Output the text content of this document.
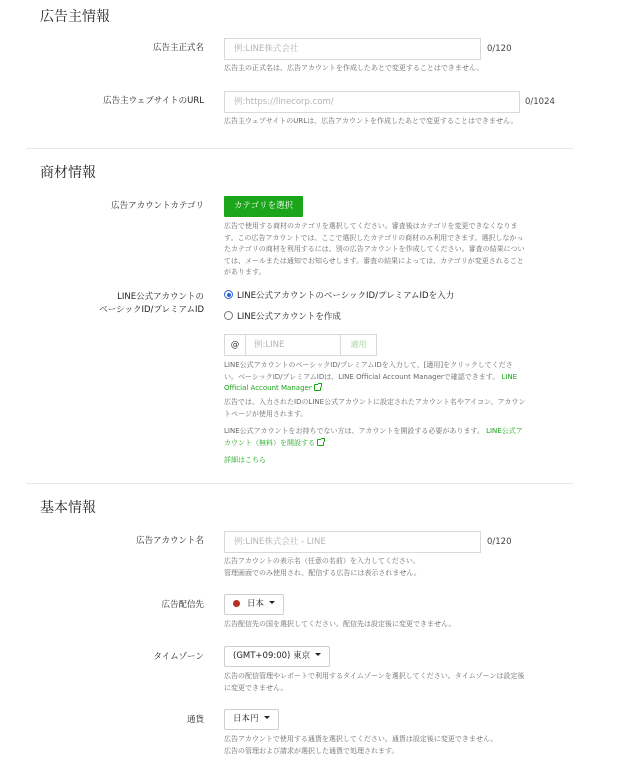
広告主情報
広告主正式名	例:LINE株式会社	0/120
広告主の正式名は、広告アカウントを作成したあとで変更することはできません。
広告主ウェブサイトのURL	例:https://linecorp.com/	0/1024
広告主ウェブサイトのURLは、広告アカウントを作成したあとで変更することはできません。
商材情報
広告アカウントカテゴリ	カテゴリを選択
広告で使用する商材のカテゴリを選択してください。審査後はカテゴリを変更できなくなります。この広告アカウントでは、ここで選択したカテゴリの商材のみ利用できます。選択しなかったカテゴリの商材を利用するには、別の広告アカウントを作成してください。審査の結果については、メールまたは通知でお知らせします。審査の結果によっては、カテゴリが変更されることがあります。
LINE公式アカウントの
ベーシックID/プレミアムID
LINE公式アカウントのベーシックID/プレミアムIDを入力
LINE公式アカウントを作成
@	例:LINE	適用
LINE公式アカウントのベーシックID/プレミアムIDを入力して、[適用]をクリックしてください。ベーシックID/プレミアムIDは、LINE Official Account Managerで確認できます。 LINE Official Account Manager
広告では、入力されたIDのLINE公式アカウントに設定されたアカウント名やアイコン、アカウントページが使用されます。
LINE公式アカウントをお持ちでない方は、アカウントを開設する必要があります。 LINE公式アカウント（無料）を開設する
詳細はこちら
基本情報
広告アカウント名	例:LINE株式会社 - LINE	0/120
広告アカウントの表示名（任意の名前）を入力してください。
管理画面でのみ使用され、配信する広告には表示されません。
広告配信先	日本
広告配信先の国を選択してください。配信先は設定後に変更できません。
タイムゾーン	(GMT+09:00) 東京
広告の配信管理やレポートで利用するタイムゾーンを選択してください。タイムゾーンは設定後に変更できません。
通貨	日本円
広告アカウントで使用する通貨を選択してください。通貨は設定後に変更できません。
広告の管理および請求が選択した通貨で処理されます。
